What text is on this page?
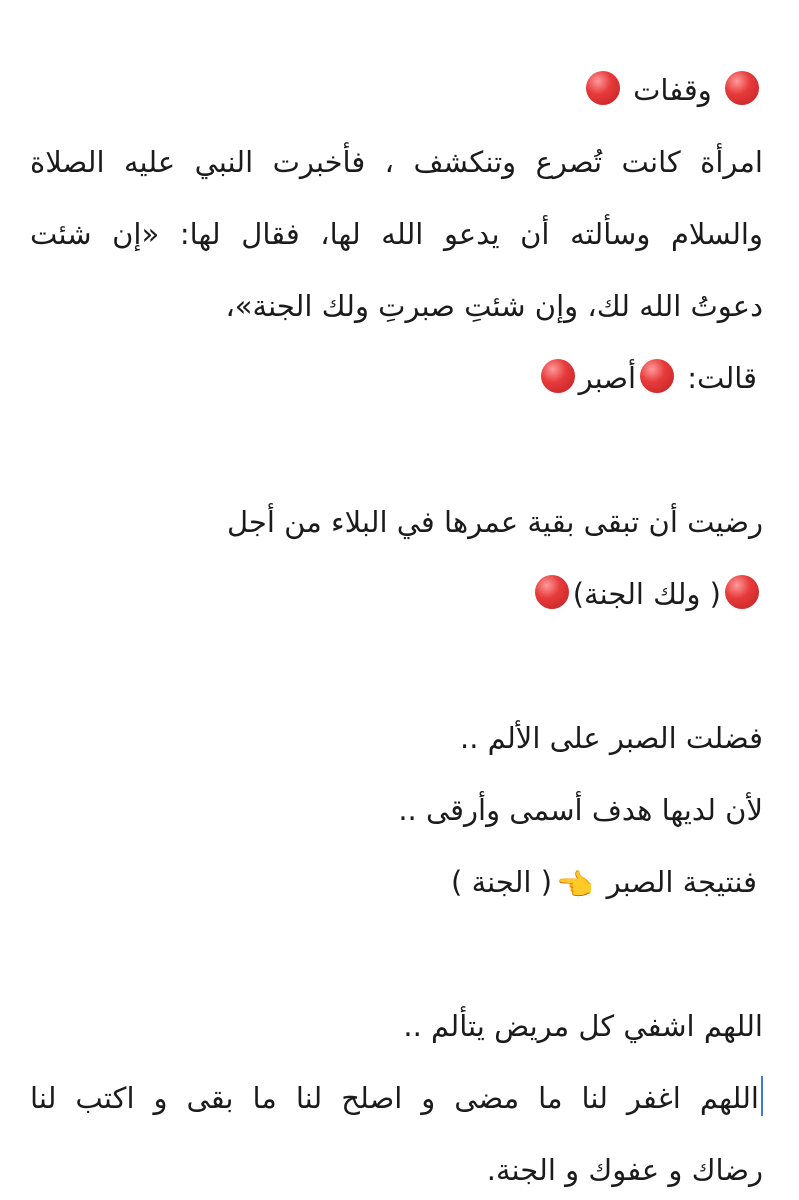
وقفات
امرأة كانت تُصرع وتنكشف ، فأخبرت النبي عليه الصلاة
والسلام وسألته أن يدعو الله لها، فقال لها: «إن شئت
دعوتُ الله لك، وإن شئتِ صبرتِ ولك الجنة»،
قالت: أصبر
رضيت أن تبقى بقية عمرها في البلاء من أجل
( ولك الجنة)
فضلت الصبر على الألم ..
لأن لديها هدف أسمى وأرقى ..
فنتيجة الصبر 👈( الجنة )
اللهم اشفي كل مريض يتألم ..
اللهم اغفر لنا ما مضى و اصلح لنا ما بقى و اكتب لنا
رضاك و عفوك و الجنة.
